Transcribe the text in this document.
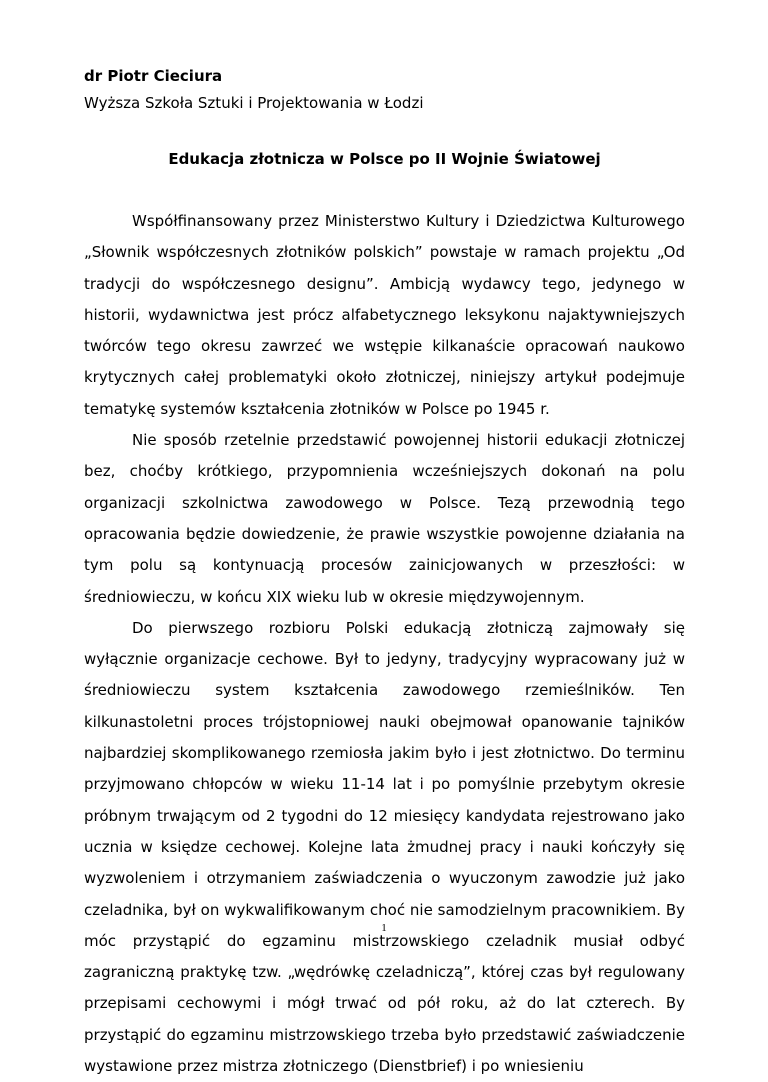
dr Piotr Cieciura
Wyższa Szkoła Sztuki i Projektowania w Łodzi
Edukacja złotnicza w Polsce po II Wojnie Światowej

Współfinansowany przez Ministerstwo Kultury i Dziedzictwa Kulturowego „Słownik współczesnych złotników polskich” powstaje w ramach projektu „Od tradycji do współczesnego designu”. Ambicją wydawcy tego, jedynego w historii, wydawnictwa jest prócz alfabetycznego leksykonu najaktywniejszych twórców tego okresu zawrzeć we wstępie kilkanaście opracowań naukowo krytycznych całej problematyki około złotniczej, niniejszy artykuł podejmuje tematykę systemów kształcenia złotników w Polsce po 1945 r.

Nie sposób rzetelnie przedstawić powojennej historii edukacji złotniczej bez, choćby krótkiego, przypomnienia wcześniejszych dokonań na polu organizacji szkolnictwa zawodowego w Polsce. Tezą przewodnią tego opracowania będzie dowiedzenie, że prawie wszystkie powojenne działania na tym polu są kontynuacją procesów zainicjowanych w przeszłości: w średniowieczu, w końcu XIX wieku lub w okresie międzywojennym.

Do pierwszego rozbioru Polski edukacją złotniczą zajmowały się wyłącznie organizacje cechowe. Był to jedyny, tradycyjny wypracowany już w średniowieczu system kształcenia zawodowego rzemieślników. Ten kilkunastoletni proces trójstopniowej nauki obejmował opanowanie tajników najbardziej skomplikowanego rzemiosła jakim było i jest złotnictwo. Do terminu przyjmowano chłopców w wieku 11-14 lat i po pomyślnie przebytym okresie próbnym trwającym od 2 tygodni do 12 miesięcy kandydata rejestrowano jako ucznia w księdze cechowej. Kolejne lata żmudnej pracy i nauki kończyły się wyzwoleniem i otrzymaniem zaświadczenia o wyuczonym zawodzie już jako czeladnika, był on wykwalifikowanym choć nie samodzielnym pracownikiem. By móc przystąpić do egzaminu mistrzowskiego czeladnik musiał odbyć zagraniczną praktykę tzw. „wędrówkę czeladniczą”, której czas był regulowany przepisami cechowymi i mógł trwać od pół roku, aż do lat czterech. By przystąpić do egzaminu mistrzowskiego trzeba było przedstawić zaświadczenie wystawione przez mistrza złotniczego (Dienstbrief) i po wniesieniu

1
